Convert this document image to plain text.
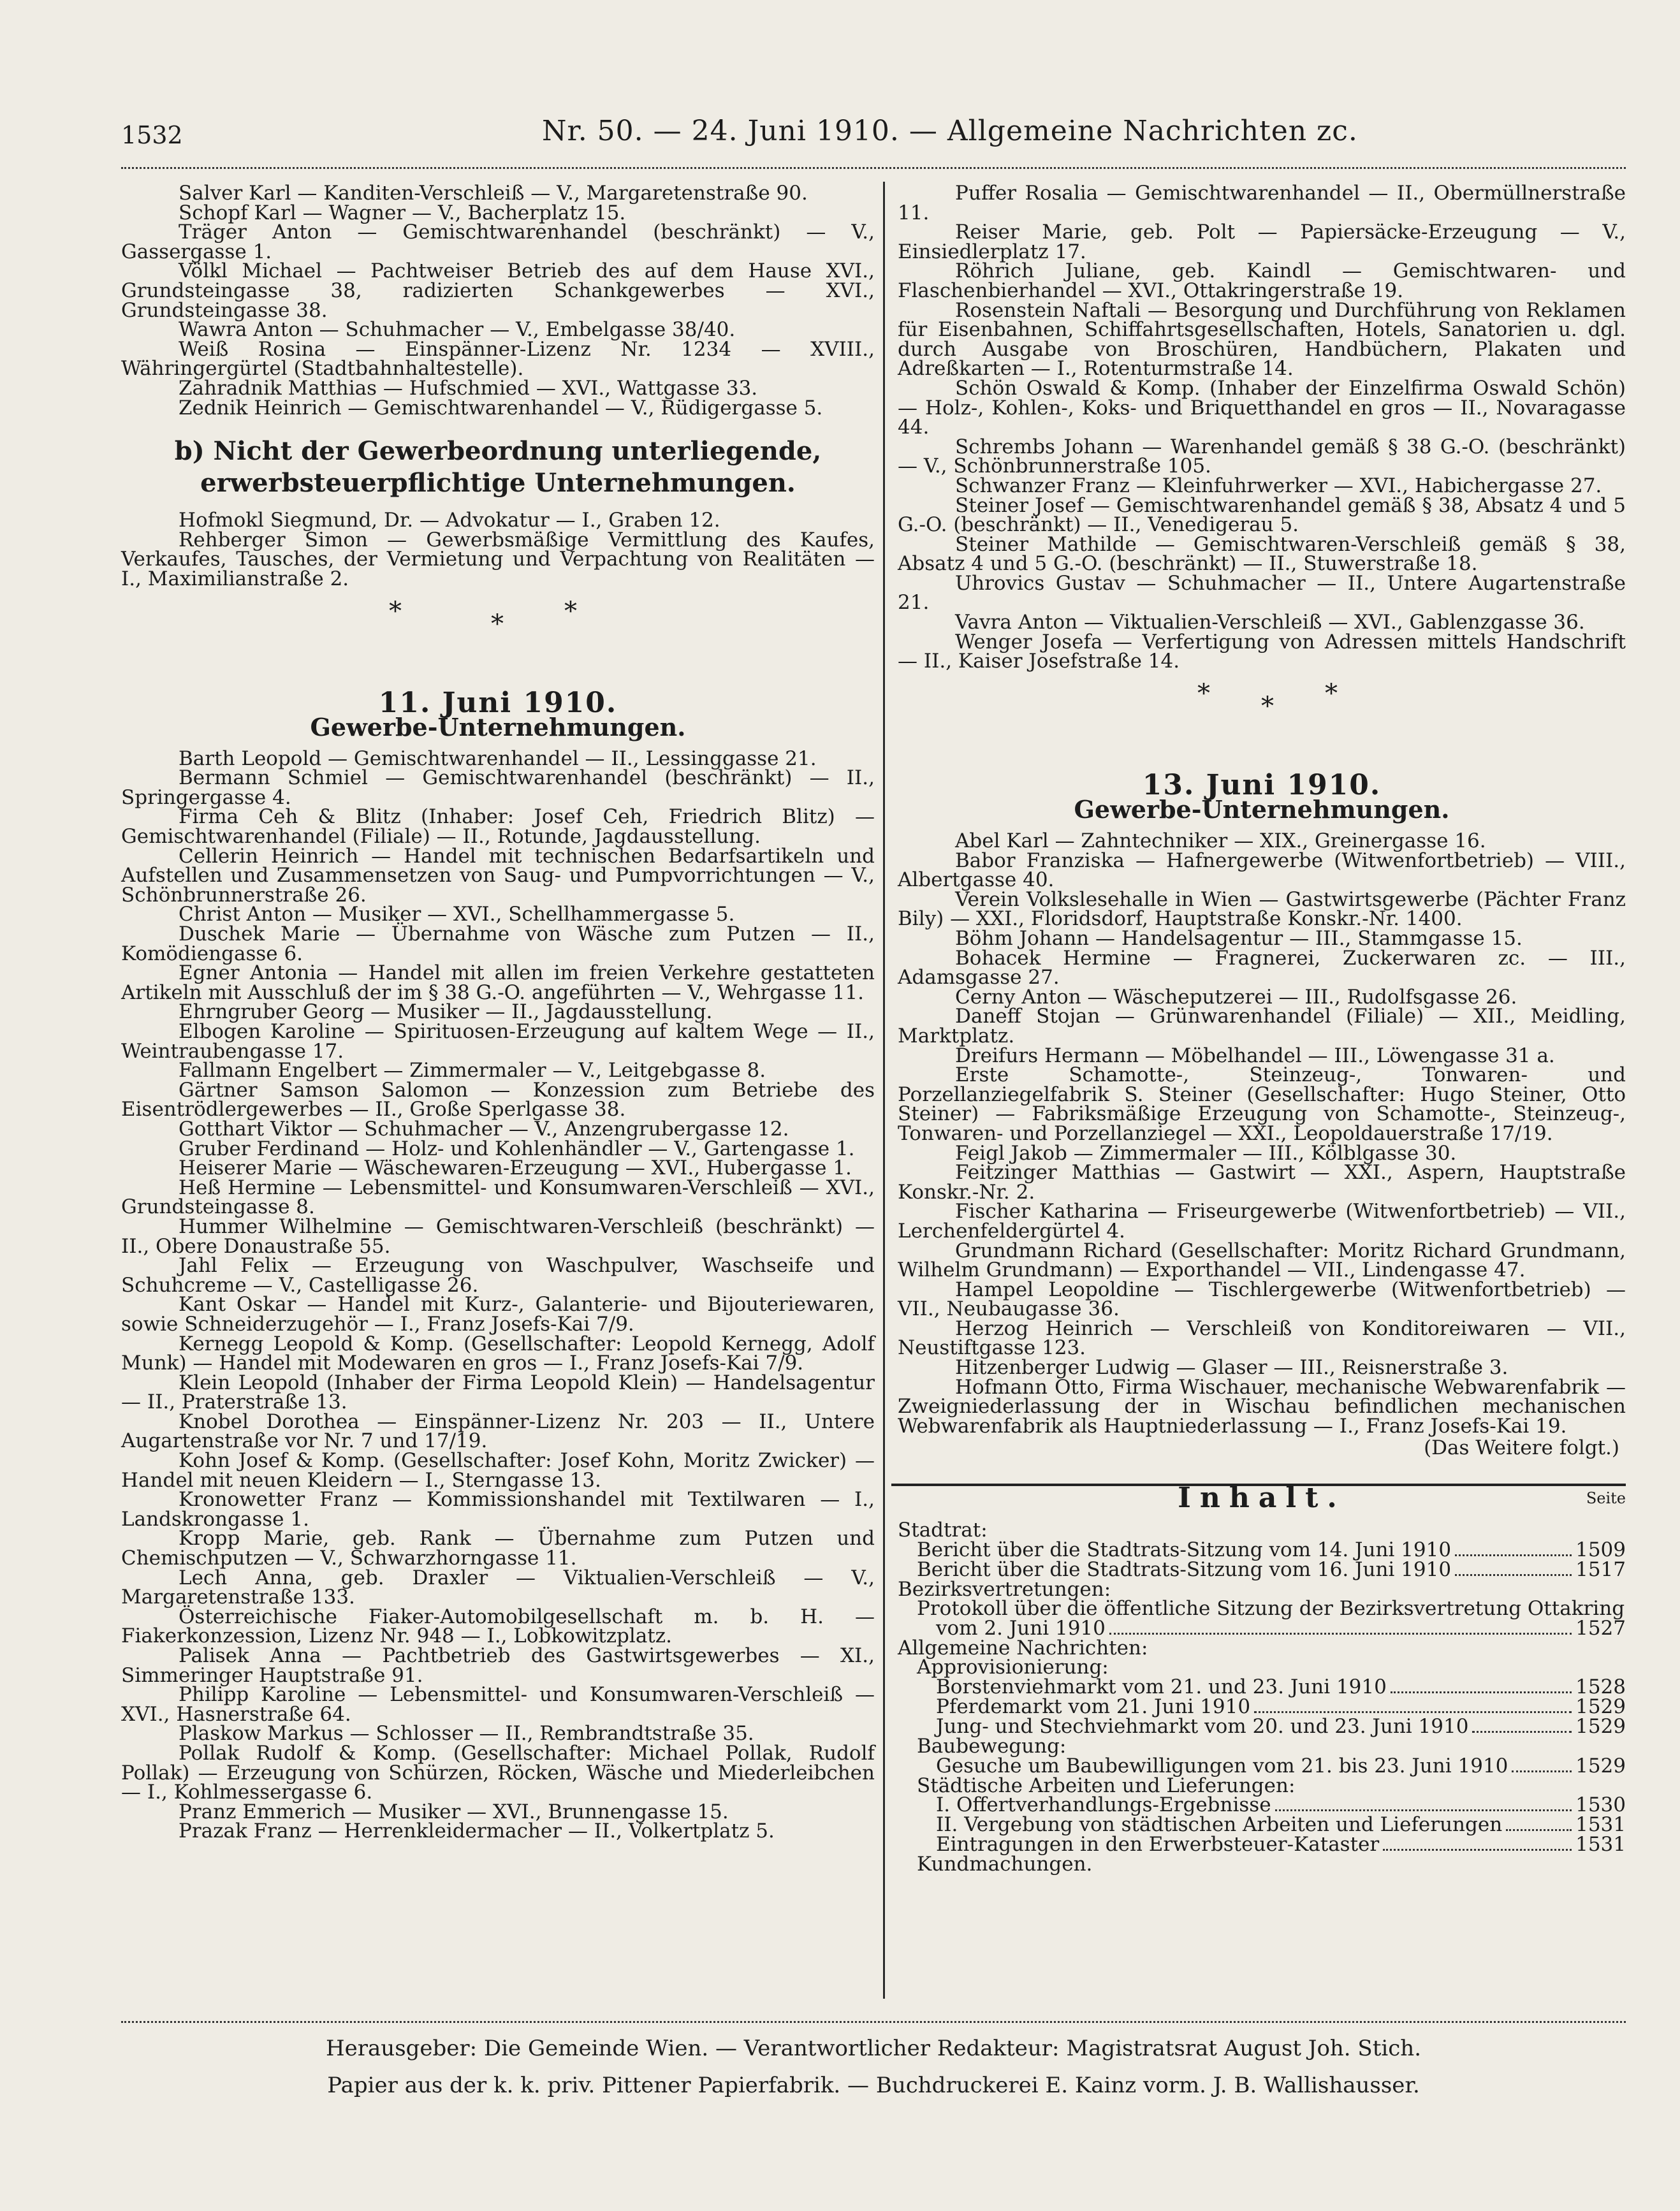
1532	Nr. 50. — 24. Juni 1910. — Allgemeine Nachrichten zc.

Salver Karl — Kanditen-Verschleiß — V., Margaretenstraße 90.

Schopf Karl — Wagner — V., Bacherplatz 15.

Träger Anton — Gemischtwarenhandel (beschränkt) — V., Gassergasse 1.

Völkl Michael — Pachtweiser Betrieb des auf dem Hause XVI., Grundsteingasse 38, radizierten Schankgewerbes — XVI., Grundsteingasse 38.

Wawra Anton — Schuhmacher — V., Embelgasse 38/40.

Weiß Rosina — Einspänner-Lizenz Nr. 1234 — XVIII., Währingergürtel (Stadtbahnhaltestelle).

Zahradnik Matthias — Hufschmied — XVI., Wattgasse 33.

Zednik Heinrich — Gemischtwarenhandel — V., Rüdigergasse 5.

b) Nicht der Gewerbeordnung unterliegende, erwerbsteuerpflichtige Unternehmungen.

Hofmokl Siegmund, Dr. — Advokatur — I., Graben 12.

Rehberger Simon — Gewerbsmäßige Vermittlung des Kaufes, Verkaufes, Tausches, der Vermietung und Verpachtung von Realitäten — I., Maximilianstraße 2.

*	* *
11. Juni 1910.
Gewerbe-Unternehmungen.

Barth Leopold — Gemischtwarenhandel — II., Lessinggasse 21.

Bermann Schmiel — Gemischtwarenhandel (beschränkt) — II., Springergasse 4.

Firma Ceh & Blitz (Inhaber: Josef Ceh, Friedrich Blitz) — Gemischtwarenhandel (Filiale) — II., Rotunde, Jagdausstellung.

Cellerin Heinrich — Handel mit technischen Bedarfsartikeln und Aufstellen und Zusammensetzen von Saug- und Pumpvorrichtungen — V., Schönbrunnerstraße 26.

Christ Anton — Musiker — XVI., Schellhammergasse 5.

Duschek Marie — Übernahme von Wäsche zum Putzen — II., Komödiengasse 6.

Egner Antonia — Handel mit allen im freien Verkehre gestatteten Artikeln mit Ausschluß der im § 38 G.-O. angeführten — V., Wehrgasse 11.

Ehrngruber Georg — Musiker — II., Jagdausstellung.

Elbogen Karoline — Spirituosen-Erzeugung auf kaltem Wege — II., Weintraubengasse 17.

Fallmann Engelbert — Zimmermaler — V., Leitgebgasse 8.

Gärtner Samson Salomon — Konzession zum Betriebe des Eisentrödlergewerbes — II., Große Sperlgasse 38.

Gotthart Viktor — Schuhmacher — V., Anzengrubergasse 12.

Gruber Ferdinand — Holz- und Kohlenhändler — V., Gartengasse 1.

Heiserer Marie — Wäschewaren-Erzeugung — XVI., Hubergasse 1.

Heß Hermine — Lebensmittel- und Konsumwaren-Verschleiß — XVI., Grundsteingasse 8.

Hummer Wilhelmine — Gemischtwaren-Verschleiß (beschränkt) — II., Obere Donaustraße 55.

Jahl Felix — Erzeugung von Waschpulver, Waschseife und Schuhcreme — V., Castelligasse 26.

Kant Oskar — Handel mit Kurz-, Galanterie- und Bijouteriewaren, sowie Schneiderzugehör — I., Franz Josefs-Kai 7/9.

Kernegg Leopold & Komp. (Gesellschafter: Leopold Kernegg, Adolf Munk) — Handel mit Modewaren en gros — I., Franz Josefs-Kai 7/9.

Klein Leopold (Inhaber der Firma Leopold Klein) — Handelsagentur — II., Praterstraße 13.

Knobel Dorothea — Einspänner-Lizenz Nr. 203 — II., Untere Augartenstraße vor Nr. 7 und 17/19.

Kohn Josef & Komp. (Gesellschafter: Josef Kohn, Moritz Zwicker) — Handel mit neuen Kleidern — I., Sterngasse 13.

Kronowetter Franz — Kommissionshandel mit Textilwaren — I., Landskrongasse 1.

Kropp Marie, geb. Rank — Übernahme zum Putzen und Chemischputzen — V., Schwarzhorngasse 11.

Lech Anna, geb. Draxler — Viktualien-Verschleiß — V., Margaretenstraße 133.

Österreichische Fiaker-Automobilgesellschaft m. b. H. — Fiakerkonzession, Lizenz Nr. 948 — I., Lobkowitzplatz.

Palisek Anna — Pachtbetrieb des Gastwirtsgewerbes — XI., Simmeringer Hauptstraße 91.

Philipp Karoline — Lebensmittel- und Konsumwaren-Verschleiß — XVI., Hasnerstraße 64.

Plaskow Markus — Schlosser — II., Rembrandtstraße 35.

Pollak Rudolf & Komp. (Gesellschafter: Michael Pollak, Rudolf Pollak) — Erzeugung von Schürzen, Röcken, Wäsche und Miederleibchen — I., Kohlmessergasse 6.

Pranz Emmerich — Musiker — XVI., Brunnengasse 15.

Prazak Franz — Herrenkleidermacher — II., Volkertplatz 5.

Puffer Rosalia — Gemischtwarenhandel — II., Obermüllnerstraße 11.

Reiser Marie, geb. Polt — Papiersäcke-Erzeugung — V., Einsiedlerplatz 17.

Röhrich Juliane, geb. Kaindl — Gemischtwaren- und Flaschenbierhandel — XVI., Ottakringerstraße 19.

Rosenstein Naftali — Besorgung und Durchführung von Reklamen für Eisenbahnen, Schiffahrtsgesellschaften, Hotels, Sanatorien u. dgl. durch Ausgabe von Broschüren, Handbüchern, Plakaten und Adreßkarten — I., Rotenturmstraße 14.

Schön Oswald & Komp. (Inhaber der Einzelfirma Oswald Schön) — Holz-, Kohlen-, Koks- und Briquetthandel en gros — II., Novaragasse 44.

Schrembs Johann — Warenhandel gemäß § 38 G.-O. (beschränkt) — V., Schönbrunnerstraße 105.

Schwanzer Franz — Kleinfuhrwerker — XVI., Habichergasse 27.

Steiner Josef — Gemischtwarenhandel gemäß § 38, Absatz 4 und 5 G.-O. (beschränkt) — II., Venedigerau 5.

Steiner Mathilde — Gemischtwaren-Verschleiß gemäß § 38, Absatz 4 und 5 G.-O. (beschränkt) — II., Stuwerstraße 18.

Uhrovics Gustav — Schuhmacher — II., Untere Augartenstraße 21.

Vavra Anton — Viktualien-Verschleiß — XVI., Gablenzgasse 36.

Wenger Josefa — Verfertigung von Adressen mittels Handschrift — II., Kaiser Josefstraße 14.

* * *
13. Juni 1910.
Gewerbe-Unternehmungen.

Abel Karl — Zahntechniker — XIX., Greinergasse 16.

Babor Franziska — Hafnergewerbe (Witwenfortbetrieb) — VIII., Albertgasse 40.

Verein Volkslesehalle in Wien — Gastwirtsgewerbe (Pächter Franz Bily) — XXI., Floridsdorf, Hauptstraße Konskr.-Nr. 1400.

Böhm Johann — Handelsagentur — III., Stammgasse 15.

Bohacek Hermine — Fragnerei, Zuckerwaren zc. — III., Adamsgasse 27.

Cerny Anton — Wäscheputzerei — III., Rudolfsgasse 26.

Daneff Stojan — Grünwarenhandel (Filiale) — XII., Meidling, Marktplatz.

Dreifurs Hermann — Möbelhandel — III., Löwengasse 31 a.

Erste Schamotte-, Steinzeug-, Tonwaren- und Porzellanziegelfabrik S. Steiner (Gesellschafter: Hugo Steiner, Otto Steiner) — Fabriksmäßige Erzeugung von Schamotte-, Steinzeug-, Tonwaren- und Porzellanziegel — XXI., Leopoldauerstraße 17/19.

Feigl Jakob — Zimmermaler — III., Kölblgasse 30.

Feitzinger Matthias — Gastwirt — XXI., Aspern, Hauptstraße Konskr.-Nr. 2.

Fischer Katharina — Friseurgewerbe (Witwenfortbetrieb) — VII., Lerchenfeldergürtel 4.

Grundmann Richard (Gesellschafter: Moritz Richard Grundmann, Wilhelm Grundmann) — Exporthandel — VII., Lindengasse 47.

Hampel Leopoldine — Tischlergewerbe (Witwenfortbetrieb) — VII., Neubaugasse 36.

Herzog Heinrich — Verschleiß von Konditoreiwaren — VII., Neustiftgasse 123.

Hitzenberger Ludwig — Glaser — III., Reisnerstraße 3.

Hofmann Otto, Firma Wischauer, mechanische Webwarenfabrik — Zweigniederlassung der in Wischau befindlichen mechanischen Webwarenfabrik als Hauptniederlassung — I., Franz Josefs-Kai 19.

(Das Weitere folgt.)
Inhalt.	Seite
Stadtrat:
Bericht über die Stadtrats-Sitzung vom 14. Juni 1910	1509
Bericht über die Stadtrats-Sitzung vom 16. Juni 1910	1517
Bezirksvertretungen:
Protokoll über die öffentliche Sitzung der Bezirksvertretung Ottakring
vom 2. Juni 1910	1527
Allgemeine Nachrichten:
Approvisionierung:
Borstenviehmarkt vom 21. und 23. Juni 1910	1528
Pferdemarkt vom 21. Juni 1910	1529
Jung- und Stechviehmarkt vom 20. und 23. Juni 1910	1529
Baubewegung:
Gesuche um Baubewilligungen vom 21. bis 23. Juni 1910	1529
Städtische Arbeiten und Lieferungen:
I. Offertverhandlungs-Ergebnisse	1530
II. Vergebung von städtischen Arbeiten und Lieferungen	1531
Eintragungen in den Erwerbsteuer-Kataster	1531
Kundmachungen.
Herausgeber: Die Gemeinde Wien. — Verantwortlicher Redakteur: Magistratsrat August Joh. Stich.
Papier aus der k. k. priv. Pittener Papierfabrik. — Buchdruckerei E. Kainz vorm. J. B. Wallishausser.
